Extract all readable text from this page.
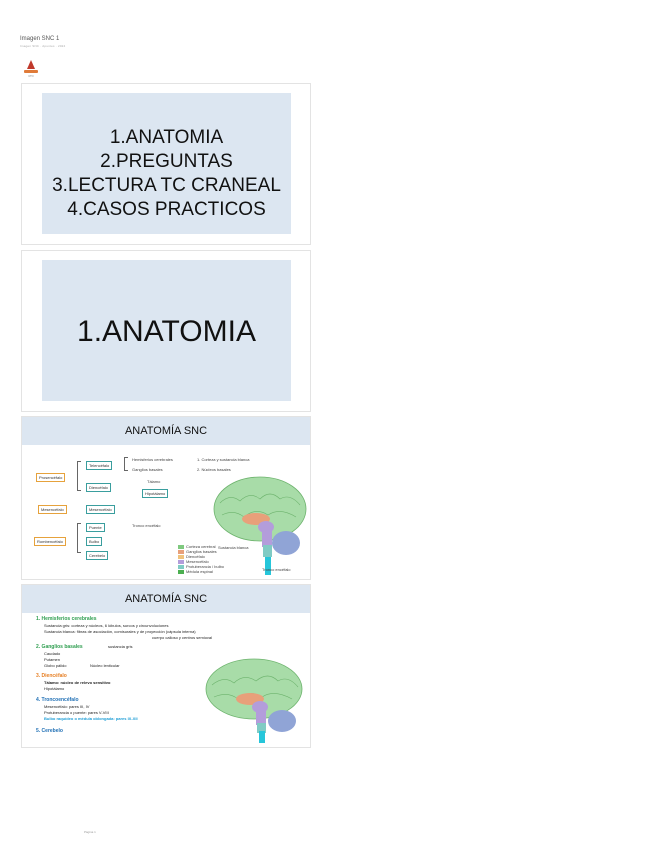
Imagen SNC 1
Imagen SNC · Apuntes · 2024
CTO
1.ANATOMIA
2.PREGUNTAS
3.LECTURA TC CRANEAL
4.CASOS PRACTICOS
1.ANATOMIA
ANATOMÍA SNC
Prosencéfalo
Mesencéfalo
Rombencéfalo
Telencéfalo
Diencéfalo
Mesencéfalo
Puente
Bulbo
Cerebelo
Hemisferios cerebrales
Ganglios basales
1. Corteza y sustancia blanca
2. Núcleos basales
Tálamo
Hipotálamo
Tronco encéfalo
Corteza cerebral
Ganglios basales
Diencéfalo
Mesencéfalo
Protuberancia / bulbo
Médula espinal
Sustancia blanca
Tronco encéfalo
ANATOMÍA SNC
1. Hemisferios cerebrales
Sustancia gris: corteza y núcleos, 6 lóbulos, surcos y circunvoluciones
Sustancia blanca: fibras de asociación, comisurales y de proyección (cápsula interna)
cuerpo calloso y centros semioval
2. Ganglios basales	sustancia gris
Caudado
Putamen
Globo pálido	Núcleo lenticular
3. Diencéfalo
Tálamo: núcleo de relevo sensitivo
Hipotálamo
4. Troncoencéfalo
Mesencéfalo: pares III, IV
Protuberancia o puente: pares V-VIII
Bulbo raquídeo o médula oblongada: pares IX-XII
5. Cerebelo
Página 1
